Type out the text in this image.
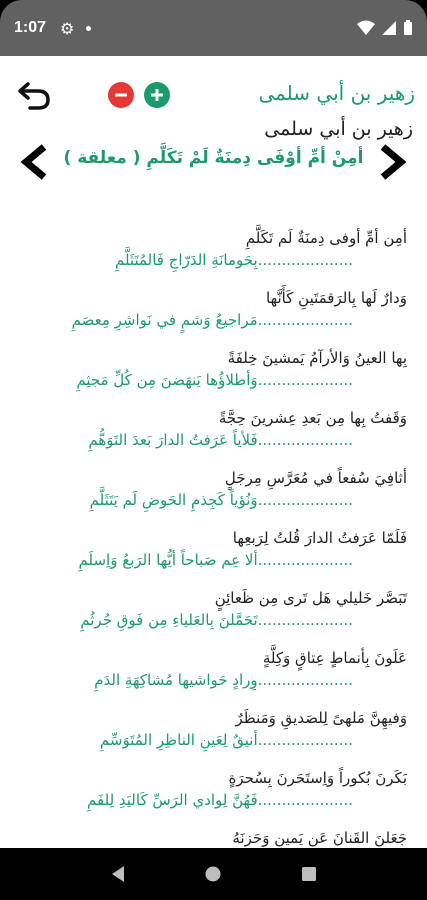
1:07 ⚙
زهير بن أبي سلمى
زهير بن أبي سلمى
أمِنْ أمِّ أوْفَى دِمنَةٌ لَمْ تَكَلَّمِ ( معلقة )
أمِن أمِّ أوفى دِمنَةٌ لَم تَكَلَّمِ
....................بِحَومانَةِ الدَرّاجِ فَالمُتَثَلَّمِ
وَدارٌ لَها بِالرَقمَتَينِ كَأَنَّها
....................مَراجيعُ وَشمٍ في نَواشِرِ مِعصَمِ
بِها العينُ وَالأرآمُ يَمشينَ خِلفَةً
....................وَأطلاؤُها يَنهَضنَ مِن كُلِّ مَجثِمِ
وَقَفتُ بِها مِن بَعدِ عِشرينَ حِجَّةً
....................فَلأياً عَرَفتُ الدارَ بَعدَ التَوَهُّمِ
أثافِيَ سُفعاً في مُعَرَّسِ مِرجَلٍ
....................وَنُؤياً كَجِذمِ الحَوضِ لَم يَتَثَلَّمِ
فَلَمّا عَرَفتُ الدارَ قُلتُ لِرَبعِها
....................ألا عِم صَباحاً أيُّها الرَبعُ وَاِسلَمِ
تَبَصَّر خَليلي هَل تَرى مِن ظَعائِنٍ
....................تَحَمَّلنَ بِالعَلياءِ مِن فَوقِ جُرثُمِ
عَلَونَ بِأنماطٍ عِتاقٍ وَكِلَّةٍ
....................وِرادٍ حَواشيها مُشاكِهَةِ الدَمِ
وَفيهِنَّ مَلهىً لِلصَديقِ وَمَنظَرٌ
....................أنيقٌ لِعَينِ الناظِرِ المُتَوَسِّمِ
بَكَرنَ بُكوراً وَاِستَحَرنَ بِسُحرَةٍ
....................فَهُنَّ لِوادي الرَسِّ كَاليَدِ لِلفَمِ
جَعَلنَ القَنانَ عَن يَمينٍ وَحَزنَهُ
